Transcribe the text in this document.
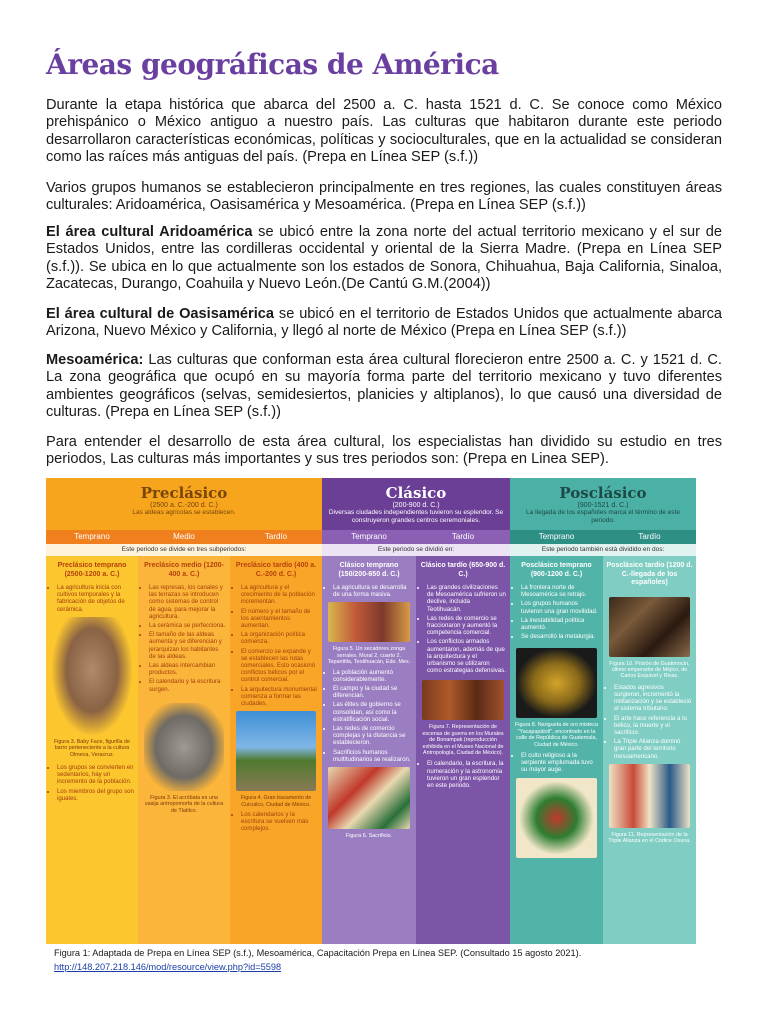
Áreas geográficas de América

Durante la etapa histórica que abarca del 2500 a. C. hasta 1521 d. C. Se conoce como México prehispánico o México antiguo a nuestro país. Las culturas que habitaron durante este periodo desarrollaron características económicas, políticas y socioculturales, que en la actualidad se consideran como las raíces más antiguas del país. (Prepa en Línea SEP (s.f.))

Varios grupos humanos se establecieron principalmente en tres regiones, las cuales constituyen áreas culturales: Aridoamérica, Oasisamérica y Mesoamérica. (Prepa en Línea SEP (s.f.))

El área cultural Aridoamérica se ubicó entre la zona norte del actual territorio mexicano y el sur de Estados Unidos, entre las cordilleras occidental y oriental de la Sierra Madre. (Prepa en Línea SEP (s.f.)). Se ubica en lo que actualmente son los estados de Sonora, Chihuahua, Baja California, Sinaloa, Zacatecas, Durango, Coahuila y Nuevo León.(De Cantú G.M.(2004))

El área cultural de Oasisamérica se ubicó en el territorio de Estados Unidos que actualmente abarca Arizona, Nuevo México y California, y llegó al norte de México (Prepa en Línea SEP (s.f.))

Mesoamérica: Las culturas que conforman esta área cultural florecieron entre 2500 a. C. y 1521 d. C. La zona geográfica que ocupó en su mayoría forma parte del territorio mexicano y tuvo diferentes ambientes geográficos (selvas, semidesiertos, planicies y altiplanos), lo que causó una diversidad de culturas. (Prepa en Línea SEP (s.f.))

Para entender el desarrollo de esta área cultural, los especialistas han dividido su estudio en tres periodos, Las culturas más importantes y sus tres periodos son: (Prepa en Linea SEP).

Preclásico
(2500 a. C.-200 d. C.)
Las aldeas agrícolas se establecen.
Clásico
(200-900 d. C.)
Diversas ciudades independientes tuvieron su esplendor. Se construyeron grandes centros ceremoniales.
Posclásico
(900-1521 d. C.)
La llegada de los españoles marca el término de este periodo.
Temprano	Medio	Tardío	Temprano	Tardío	Temprano	Tardío
Este periodo se divide en tres subperiodos:	Este periodo se dividió en:	Este periodo también está dividido en dos:
Preclásico temprano (2500-1200 a. C.)
• La agricultura inicia con cultivos temporales y la fabricación de objetos de cerámica.
Figura 3. Baby Face, figurilla de barro perteneciente a la cultura Olmeca, Veracruz.
• Los grupos se convierten en sedentarios, hay un incremento de la población.
• Los miembros del grupo son iguales.
Preclásico medio (1200-400 a. C.)
• Las represas, los canales y las terrazas se introducen como sistemas de control de agua, para mejorar la agricultura.
• La cerámica se perfecciona.
• El tamaño de las aldeas aumenta y se diferencian y jerarquizan los habitantes de las aldeas.
• Las aldeas intercambian productos.
• El calendario y la escritura surgen.
Figura 3. El acróbata es una vasija antropomorfa de la cultura de Tlatilco.
Preclásico tardío (400 a. C.-200 d. C.)
• La agricultura y el crecimiento de la población incrementan.
• El número y el tamaño de los asentamientos aumentan.
• La organización política comienza.
• El comercio se expande y se establecen las rutas comerciales. Esto ocasionó conflictos bélicos por el control comercial.
• La arquitectura monumental comienza a formar las ciudades.
Figura 4. Gran basamento de Cuicuilco, Ciudad de México.
• Los calendarios y la escritura se vuelven más complejos.
Clásico temprano (150/200-650 d. C.)
• La agricultura se desarrolla de una forma masiva.
Figura 5. Un secadores zonga serrales. Mural 2, cuarto 2. Tepantitla, Teotihuacán, Edo. Mex.
• La población aumentó considerablemente.
• El campo y la ciudad se diferencian.
• Las élites de gobierno se consolidan, así como la estratificación social.
• Las redes de comercio complejas y la distancia se establecieron.
• Sacrificios humanos multitudinarios se realizaron.
Figura 6. Sacrificio.
Clásico tardío (650-900 d. C.)
• Las grandes civilizaciones de Mesoamérica sufrieron un declive, incluida Teotihuacán.
• Las redes de comercio se fraccionaron y aumentó la competencia comercial.
• Los conflictos armados aumentaron, además de que la arquitectura y el urbanismo se utilizaron como estrategias defensivas.
Figura 7. Representación de escenas de guerra en los Murales de Bonampak (reproducción exhibida en el Museo Nacional de Antropología, Ciudad de México).
• El calendario, la escritura, la numeración y la astronomía tuvieron un gran esplendor en este periodo.
Posclásico temprano (900-1200 d. C.)
• La frontera norte de Mesoamérica se retrajo.
• Los grupos humanos tuvieron una gran movilidad.
• La inestabilidad política aumentó.
• Se desarrolló la metalurgia.
Figura 8. Narigueta de oro mixteca "Yacapapálotl", encontrado en la calle de República de Guatemala, Ciudad de México.
• El culto religioso a la serpiente emplumada tuvo su mayor auge.
Posclásico tardío (1200 d. C.-llegada de los españoles)
Figura 10. Prisión de Guatimocín, último emperador de Méjico, de Carlos Esquivel y Rivas.
• Estados agresivos surgieron, incrementó la militarización y se estableció el sistema tributario.
• El arte hace referencia a lo bélico, la muerte y el sacrificio.
• La Triple Alianza dominó gran parte del territorio mesoamericano.
Figura 11. Representación de la Triple Alianza en el Códice Osuna.
Figura 1: Adaptada de Prepa en Línea SEP (s.f.), Mesoamérica, Capacitación Prepa en Línea SEP. (Consultado 15 agosto 2021). http://148.207.218.146/mod/resource/view.php?id=5598
